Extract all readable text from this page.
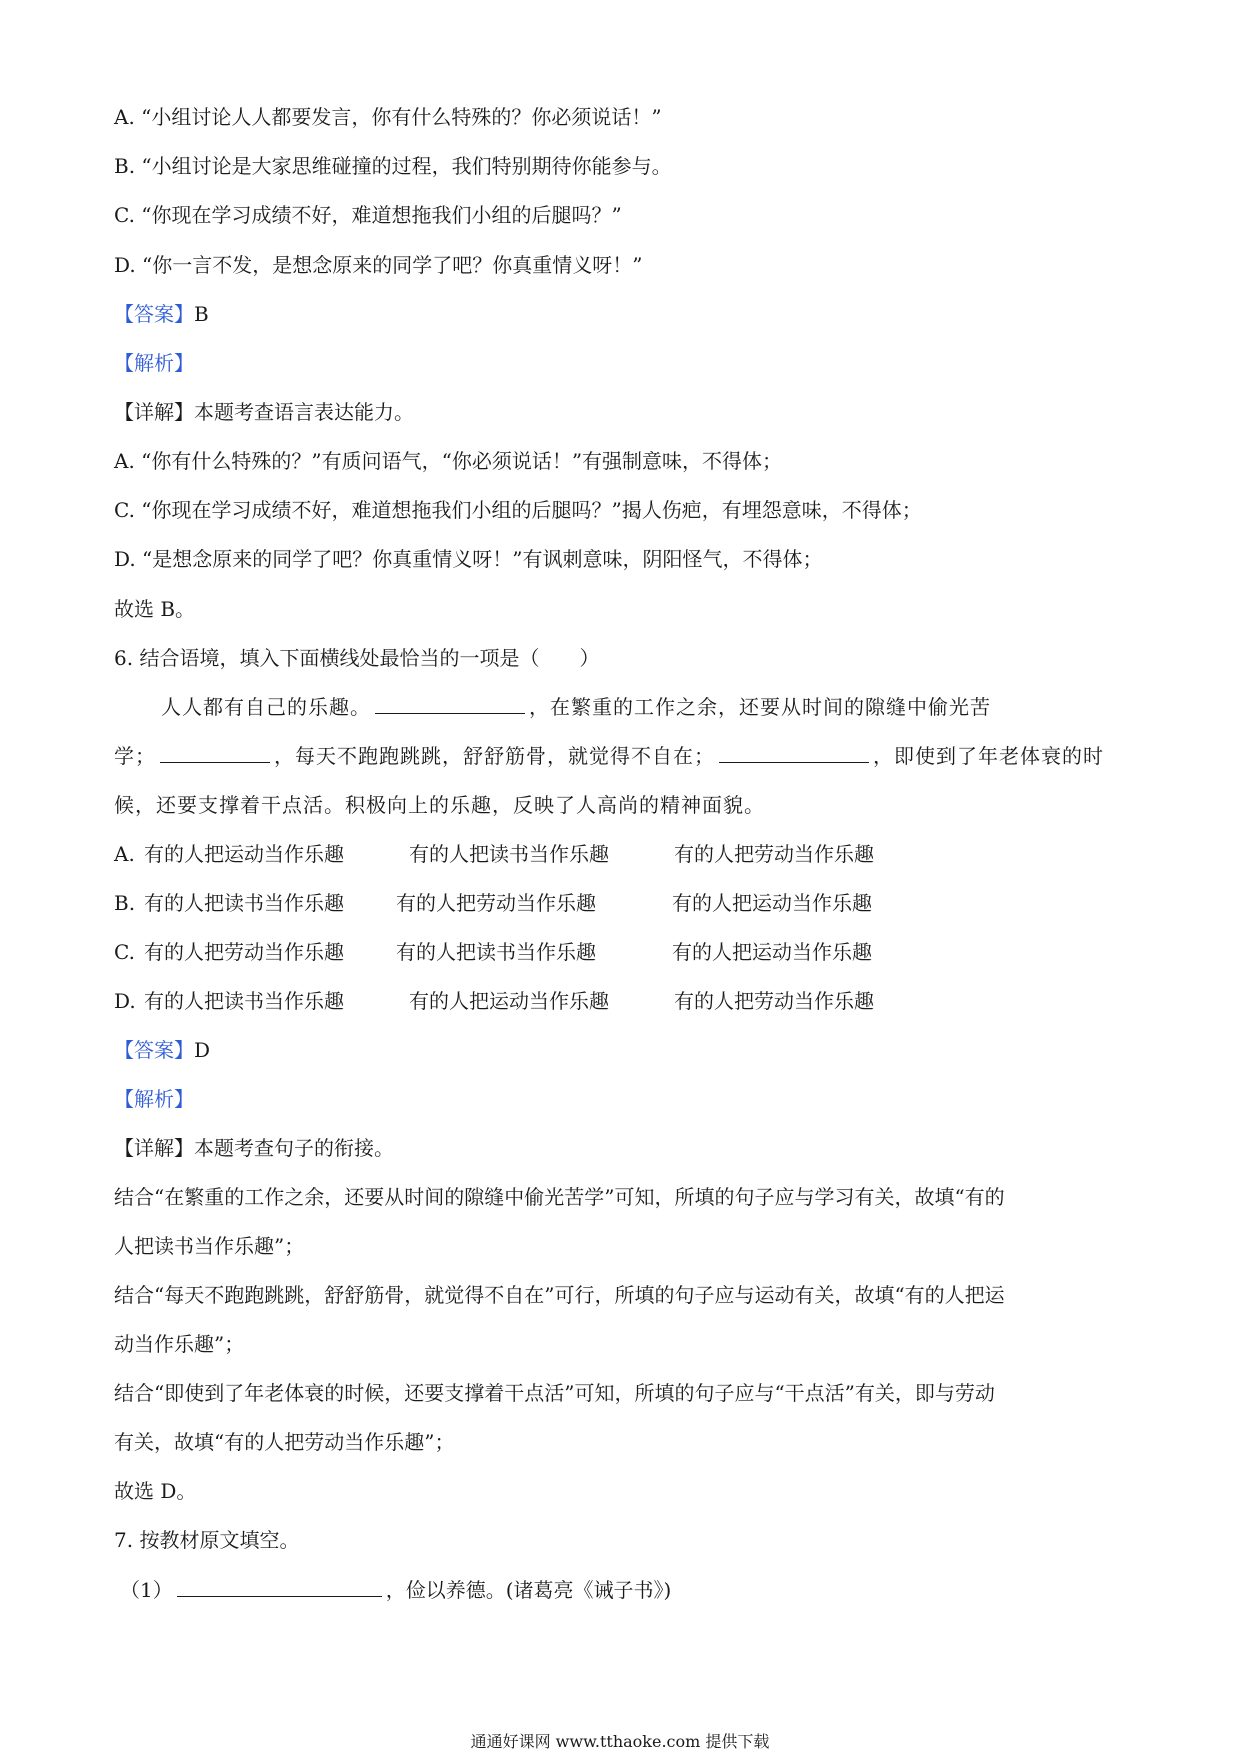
A. “小组讨论人人都要发言，你有什么特殊的？你必须说话！”
B. “小组讨论是大家思维碰撞的过程，我们特别期待你能参与。
C. “你现在学习成绩不好，难道想拖我们小组的后腿吗？”
D. “你一言不发，是想念原来的同学了吧？你真重情义呀！”
【答案】B
【解析】
【详解】本题考查语言表达能力。
A. “你有什么特殊的？”有质问语气，“你必须说话！”有强制意味，不得体；
C. “你现在学习成绩不好，难道想拖我们小组的后腿吗？”揭人伤疤，有埋怨意味，不得体；
D. “是想念原来的同学了吧？你真重情义呀！”有讽刺意味，阴阳怪气，不得体；
故选 B。
6. 结合语境，填入下面横线处最恰当的一项是（　　）
人人都有自己的乐趣。	，在繁重的工作之余，还要从时间的隙缝中偷光苦
学；	，每天不跑跑跳跳，舒舒筋骨，就觉得不自在；	，即使到了年老体衰的时
候，还要支撑着干点活。积极向上的乐趣，反映了人高尚的精神面貌。
A. 有的人把运动当作乐趣	有的人把读书当作乐趣	有的人把劳动当作乐趣
B. 有的人把读书当作乐趣	有的人把劳动当作乐趣	有的人把运动当作乐趣
C. 有的人把劳动当作乐趣	有的人把读书当作乐趣	有的人把运动当作乐趣
D. 有的人把读书当作乐趣	有的人把运动当作乐趣	有的人把劳动当作乐趣
【答案】D
【解析】
【详解】本题考查句子的衔接。
结合“在繁重的工作之余，还要从时间的隙缝中偷光苦学”可知，所填的句子应与学习有关，故填“有的
人把读书当作乐趣”；
结合“每天不跑跑跳跳，舒舒筋骨，就觉得不自在”可行，所填的句子应与运动有关，故填“有的人把运
动当作乐趣”；
结合“即使到了年老体衰的时候，还要支撑着干点活”可知，所填的句子应与“干点活”有关，即与劳动
有关，故填“有的人把劳动当作乐趣”；
故选 D。
7. 按教材原文填空。
（1）	，俭以养德。(诸葛亮《诫子书》)
通通好课网 www.tthaoke.com 提供下载
